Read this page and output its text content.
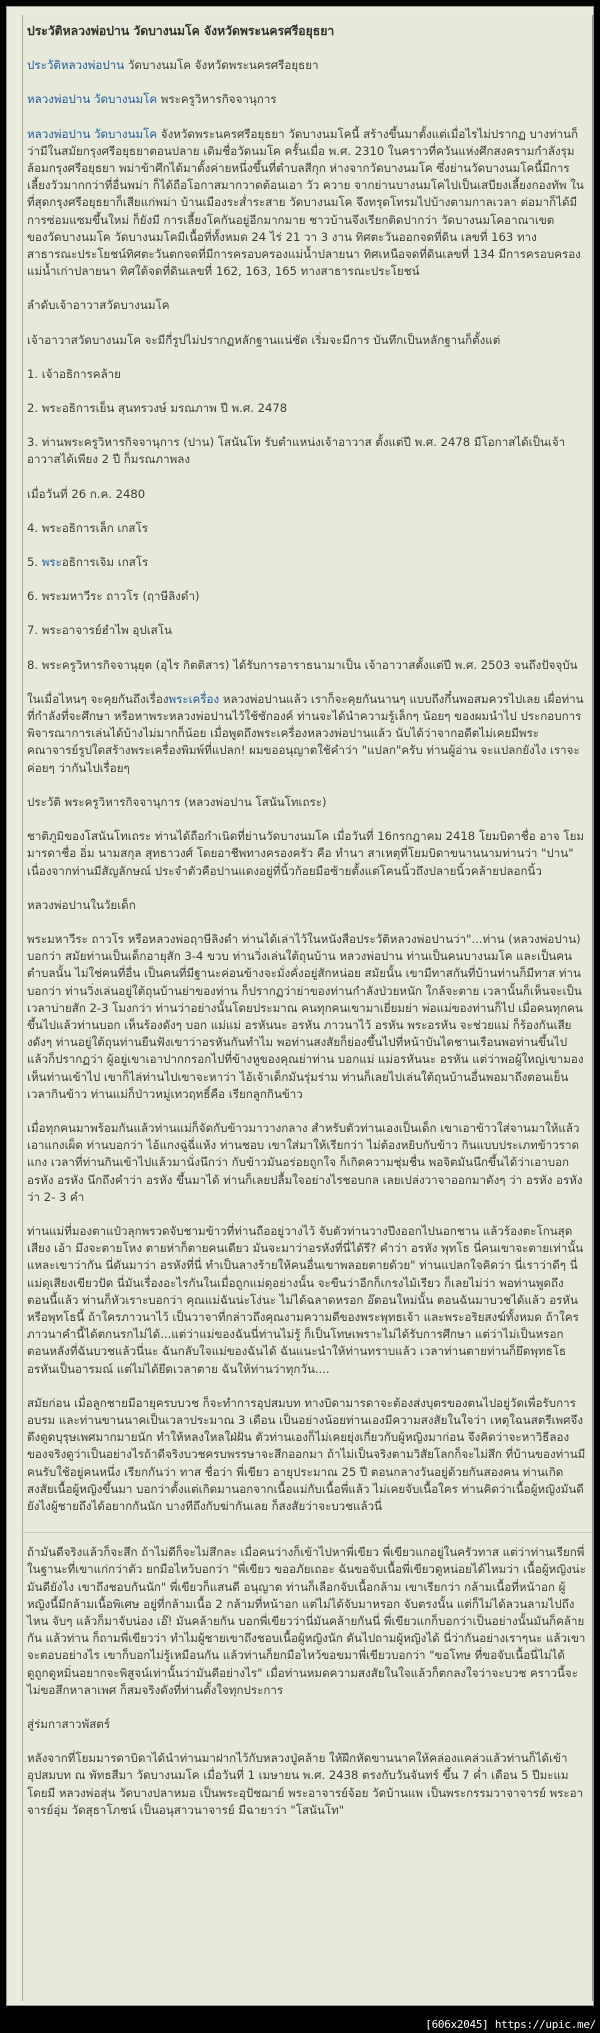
ประวัติหลวงพ่อปาน วัดบางนมโค จังหวัดพระนครศรีอยุธยา

ประวัติหลวงพ่อปาน วัดบางนมโค จังหวัดพระนครศรีอยุธยา

หลวงพ่อปาน วัดบางนมโค พระครูวิหารกิจจานุการ

หลวงพ่อปาน วัดบางนมโค จังหวัดพระนครศรีอยุธยา วัดบางนมโคนี้ สร้างขึ้นมาตั้งแต่เมื่อไรไม่ปรากฏ บางท่านก็ว่ามีในสมัยกรุงศรีอยุธยาตอนปลาย เดิมชื่อวัดนมโค ครั้นเมื่อ พ.ศ. 2310 ในคราวที่ควันแห่งศึกสงครามกำลังรุมล้อมกรุงศรีอยุธยา พม่าข้าศึกได้มาตั้งค่ายหนึ่งขึ้นที่ตำบลสีกุก ห่างจากวัดบางนมโค ซึ่งย่านวัดบางนมโคนี้มีการเลี้ยงวัวมากกว่าที่อื่นพม่า ก็ได้ถือโอกาสมากวาดต้อนเอา วัว ควาย จากย่านบางนมโคไปเป็นเสบียงเลี้ยงกองทัพ ในที่สุดกรุงศรีอยุธยาก็เสียแก่พม่า บ้านเมืองระส่ำระสาย วัดบางนมโค จึงทรุดโทรมไปบ้างตามกาลเวลา ต่อมาก็ได้มีการซ่อมแซมขึ้นใหม่ ก็ยังมี การเลี้ยงโคกันอยู่อีกมากมาย ชาวบ้านจึงเรียกติดปากว่า วัดบางนมโคอาณาเขตของวัดบางนมโค วัดบางนมโคมีเนื้อที่ทั้งหมด 24 ไร่ 21 วา 3 งาน ทิศตะวันออกจดที่ดิน เลขที่ 163 ทางสาธารณะประโยชน์ทิศตะวันตกจดที่มีการครอบครองแม่น้ำปลายนา ทิศเหนือจดที่ดินเลขที่ 134 มีการครอบครองแม่น้ำเก่าปลายนา ทิศใต้จดที่ดินเลขที่ 162, 163, 165 ทางสาธารณะประโยชน์

ลำดับเจ้าอาวาสวัดบางนมโค

เจ้าอาวาสวัดบางนมโค จะมีกี่รูปไม่ปรากฏหลักฐานแน่ชัด เริ่มจะมีการ บันทึกเป็นหลักฐานก็ตั้งแต่

1. เจ้าอธิการคล้าย

2. พระอธิการเย็น สุนทรวงษ์ มรณภาพ ปี พ.ศ. 2478

3. ท่านพระครูวิหารกิจจานุการ (ปาน) โสนันโท รับตำแหน่งเจ้าอาวาส ตั้งแต่ปี พ.ศ. 2478 มีโอกาสได้เป็นเจ้าอาวาสได้เพียง 2 ปี ก็มรณภาพลง

เมื่อวันที่ 26 ก.ค. 2480

4. พระอธิการเล็ก เกสโร

5. พระอธิการเจิม เกสโร

6. พระมหาวีระ ถาวโร (ฤาษีลิงดำ)

7. พระอาจารย์ฮำไพ อุปเสโน

8. พระครูวิหารกิจจานุยุต (อุไร กิตติสาร) ได้รับการอาราธนามาเป็น เจ้าอาวาสตั้งแต่ปี พ.ศ. 2503 จนถึงปัจจุบัน

ในเมื่อไหนๆ จะคุยกันถึงเรื่องพระเครื่อง หลวงพ่อปานแล้ว เราก็จะคุยกันนานๆ แบบถึงกึ๋นพอสมควรไปเลย เผื่อท่านที่กำลังที่จะศึกษา หรือหาพระหลวงพ่อปานไว้ใช้ซักองค์ ท่านจะได้นำความรู้เล็กๆ น้อยๆ ของผมนำไป ประกอบการพิจารณาการเล่นได้บ้างไม่มากก็น้อย เมื่อพูดถึงพระเครื่องหลวงพ่อปานแล้ว นับได้ว่าจากอดีตไม่เคยมีพระคณาจารย์รูปใดสร้างพระเครื่องพิมพ์ที่แปลก! ผมขออนุญาตใช้คำว่า "แปลก"ครับ ท่านผู้อ่าน จะแปลกยังไง เราจะค่อยๆ ว่ากันไปเรื่อยๆ

ประวัติ พระครูวิหารกิจจานุการ (หลวงพ่อปาน โสนันโทเถระ)

ชาติภูมิของโสนันโทเถระ ท่านได้ถือกำเนิดที่ย่านวัดบางนมโค เมื่อวันที่ 16กรกฎาคม 2418 โยมบิดาชื่อ อาจ โยมมารดาชื่อ อิ่ม นามสกุล สุทธาวงศ์ โดยอาชีพทางครองครัว คือ ทำนา สาเหตุที่โยมบิดาขนานนามท่านว่า "ปาน" เนื่องจากท่านมีสัญลักษณ์ ประจำตัวคือปานแดงอยู่ที่นิ้วก้อยมือซ้ายตั้งแต่โคนนิ้วถึงปลายนิ้วคล้ายปลอกนิ้ว

หลวงพ่อปานในวัยเด็ก

พระมหาวีระ ถาวโร หรือหลวงพ่อฤาษีลิงดำ ท่านได้เล่าไว้ในหนังสือประวัติหลวงพ่อปานว่า"...ท่าน (หลวงพ่อปาน) บอกว่า สมัยท่านเป็นเด็กอายุสัก 3-4 ขวบ ท่านวิ่งเล่นใต้ถุนบ้าน หลวงพ่อปาน ท่านเป็นคนบางนมโค และเป็นคนตำบลนั้น ไม่ใช่คนที่อื่น เป็นคนที่มีฐานะค่อนข้างจะมั่งคั่งอยู่สักหน่อย สมัยนั้น เขามีทาสกันที่บ้านท่านก็มีทาส ท่านบอกว่า ท่านวิ่งเล่นอยู่ใต้ถุนบ้านย่าของท่าน ก็ปรากฏว่าย่าของท่านกำลังป่วยหนัก ใกล้จะตาย เวลานั้นก็เห็นจะเป็นเวลาบ่ายสัก 2-3 โมงกว่า ท่านว่าอย่างนั้นโดยประมาณ คนทุกคนเขามาเยี่ยมย่า พ่อแม่ของท่านก็ไป เมื่อคนทุกคนขึ้นไปแล้วท่านบอก เห็นร้องดังๆ บอก แม่แม่ อรหันนะ อรหัน ภาวนาไว้ อรหัน พระอรหัน จะช่วยแม่ ก็ร้องกันเสียงดังๆ ท่านอยู่ใต้ถุนท่านยืนฟังเขาว่าอรหันกันทำไม พอท่านสงสัยก็ย่องขึ้นไปที่หน้าบันไดชานเรือนพอท่านขึ้นไปแล้วก็ปรากฏว่า ผู้อยู่เขาเอาปากกรอกไปที่ข้างหูของคุณย่าท่าน บอกแม่ แม่อรหันนะ อรหัน แต่ว่าพอผู้ใหญ่เขามองเห็นท่านเข้าไป เขาก็ไล่ท่านไปเขาจะหาว่า ไอ้เจ้าเด็กมันรุ่มร่าม ท่านก็เลยไปเล่นใต้ถุนบ้านอื่นพอมาถึงตอนเย็นเวลากินข้าว ท่านแม่ก็ป่าวหมู่เทวฤทธิ์คือ เรียกลูกกินข้าว

เมื่อทุกคนมาพร้อมกันแล้วท่านแม่ก็จัดกับข้าวมาวางกลาง สำหรับตัวท่านเองเป็นเด็ก เขาเอาข้าวใส่จานมาให้แล้วเอาแกงเผ็ด ท่านบอกว่า ไอ้แกงฉู่ฉี่แห้ง ท่านชอบ เขาใส่มาให้เรียกว่า ไม่ต้องหยิบกับข้าว กินแบบประเภทข้าวราดแกง เวลาที่ท่านกินเข้าไปแล้วมานั่งนึกว่า กับข้าวมันอร่อยถูกใจ ก็เกิดความชุ่มชื่น พอจิตมันนึกขึ้นได้ว่าเอาบอก อรหัง อรหัง นึกถึงคำว่า อรหัง ขึ้นมาได้ ท่านก็เลยปลื้มใจอย่างไรชอบกล เลยเปล่งวาจาออกมาดังๆ ว่า อรหัง อรหัง ว่า 2- 3 คำ

ท่านแม่ที่มองตาแป๋วลุกพรวดจับชามข้าวที่ท่านถืออยู่วางไว้ จับตัวท่านวางปึงออกไปนอกชาน แล้วร้องตะโกนสุดเสียง เอ้า มึงจะตายโหง ตายห่าก็ตายคนเดียว มันจะมาว่าอรหังที่นี่ได้รึ? คำว่า อรหัง พุทโธ นี่คนเขาจะตายเท่านั้นแหละเขาว่ากัน นี่ดันมาว่า อรหังที่นี่ ทำเป็นลางร้ายให้คนอื่นเขาพลอยตายด้วย" ท่านแปลกใจคิดว่า นี่เราว่าดีๆ นี่แม่ดุเสียงเขียวปัด นี่มันเรื่องอะไรกันในเมื่อถูกแม่ดุอย่างนั้น จะขืนว่าอีกก็เกรงไม้เรียว ก็เลยไม่ว่า พอท่านพูดถึงตอนนี้แล้ว ท่านก็หัวเราะบอกว่า คุณแม่ฉันน่ะโง่นะ ไม่ได้ฉลาดหรอก อ๊ตอนใหม่นั้น ตอนฉันมาบวชได้แล้ว อรหันหรือพุทโธนี้ ถ้าใครภาวนาไว้ เป็นวาจาที่กล่าวถึงคุณงามความดีของพระพุทธเจ้า และพระอริยสงฆ์ทั้งหมด ถ้าใครภาวนาคำนี้ได้ตกนรกไม่ได้...แต่ว่าแม่ของฉันนี่ท่านไม่รู้ ก็เป็นโทษเพราะไม่ได้รับการศึกษา แต่ว่าไม่เป็นหรอก ตอนหลังที่ฉันบวชแล้วนี่นะ ฉันกลับใจแม่ของฉันได้ ฉันแนะนำให้ท่านทราบแล้ว เวลาท่านตายท่านก็ยึดพุทธโธ อรหันเป็นอารมณ์ แต่ไม่ได้ยึดเวลาตาย ฉันให้ท่านว่าทุกวัน....

สมัยก่อน เมื่อลูกชายมีอายุครบบวช ก็จะทำการอุปสมบท ทางบิดามารดาจะต้องส่งบุตรของตนไปอยู่วัดเพื่อรับการอบรม และท่านขานนาคเป็นเวลาประมาณ 3 เดือน เป็นอย่างน้อยท่านเองมีความสงสัยในใจว่า เหตุใฉนสตรีเพศจึงดึงดูดบุรุษเพศมากมายนัก ทำให้หลงใหลใฝ่ฝัน ตัวท่านเองก็ไม่เคยยุ่งเกี่ยวกับผู้หญิงมาก่อน จึงคิดว่าจะหาวิธีลองของจริงดูว่าเป็นอย่างไรถ้าดีจริงบวชครบพรรษาจะสึกออกมา ถ้าไม่เป็นจริงตามวิสัยโลกก็จะไม่สึก ที่บ้านของท่านมีคนรับใช้อยู่คนหนึ่ง เรียกกันว่า ทาส ชื่อว่า พี่เขียว อายุประมาณ 25 ปี ตอนกลางวันอยู่ด้วยกันสองคน ท่านเกิดสงสัยเนื้อผู้หญิงขึ้นมา บอกว่าตั้งแต่เกิดมานอกจากเนื้อแม่กับเนื้อพี่แล้ว ไม่เคยจับเนื้อใคร ท่านคิดว่าเนื้อผู้หญิงมันดียังไงผู้ชายถึงได้อยากกันนัก บางทีถึงกับฆ่ากันเลย ก็สงสัยว่าจะบวชแล้วนี่

ถ้ามันดีจริงแล้วก็จะสึก ถ้าไม่ดีก็จะไม่สึกละ เมื่อคนว่างก็เข้าไปหาพี่เขียว พี่เขียวแกอยู่ในครัวทาส แต่ว่าท่านเรียกพี่ในฐานะที่เขาแก่กว่าตัว ยกมือไหว้บอกว่า "พี่เขียว ขออภัยเถอะ ฉันขอจับเนื้อพี่เขียวดูหน่อยได้ไหมว่า เนื้อผู้หญิงน่ะมันดียังไง เขาถึงชอบกันนัก" พี่เขียวก็แสนดี อนุญาต ท่านก็เลือกจับเนื้อกล้าม เขาเรียกว่า กล้ามเนื้อที่หน้าอก ผู้หญิงนี้มีกล้ามเนื้อพิเศษ อยู่ที่กล้ามเนื้อ 2 กล้ามที่หน้าอก แต่ไม่ได้จับมาหรอก จับตรงนั้น แต่ก็ไม่ได้ลวนลามไปถึงไหน จับๆ แล้วก็มาจับน่อง เอ๊! มันคล้ายกัน บอกพี่เขียวว่านี่มันคล้ายกันนี่ พี่เขียวแกก็บอกว่าเป็นอย่างนั้นมันก็คล้ายกัน แล้วท่าน ก็ถามพี่เขียวว่า ทำไมผู้ชายเขาถึงชอบเนื้อผู้หญิงนัก ดันไปถามผู้หญิงได้ นี่ว่ากันอย่างเราๆนะ แล้วเขาจะตอบอย่างไร เขาก็บอกไม่รู้เหมือนกัน แล้วท่านก็ยกมือไหว้ขอขมาพี่เขียวบอกว่า "ขอโทษ ที่ขอจับเนื้อนี่ไม่ได้ดูถูกดูหมิ่นอยากจะพิสูจน์เท่านั้นว่ามันดีอย่างไร" เมื่อท่านหมดความสงสัยในใจแล้วก็ตกลงใจว่าจะบวช คราวนี้จะไม่ขอสึกหาลาเพศ ก็สมจริงดังที่ท่านตั้งใจทุกประการ

สู่ร่มกาสาวพัสตร์

หลังจากที่โยมมารดาบิดาได้นำท่านมาฝากไว้กับหลวงปู่คล้าย ให้ฝึกหัดขานนาคให้คล่องแคล่วแล้วท่านก็ได้เข้าอุปสมบท ณ พัทธสีมา วัดบางนมโค เมื่อวันที่ 1 เมษายน พ.ศ. 2438 ตรงกับวันจันทร์ ขึ้น 7 ค่ำ เดือน 5 ปีมะแม โดยมี หลวงพ่อสุ่น วัดบางปลาหมอ เป็นพระอุปัชฌาย์ พระอาจารย์จ้อย วัดบ้านแพ เป็นพระกรรมวาจาจารย์ พระอาจารย์อุ่ม วัดสุธาโภชน์ เป็นอนุสาวนาจารย์ มีฉายาว่า "โสนันโท"

[606x2045] https://upic.me/
